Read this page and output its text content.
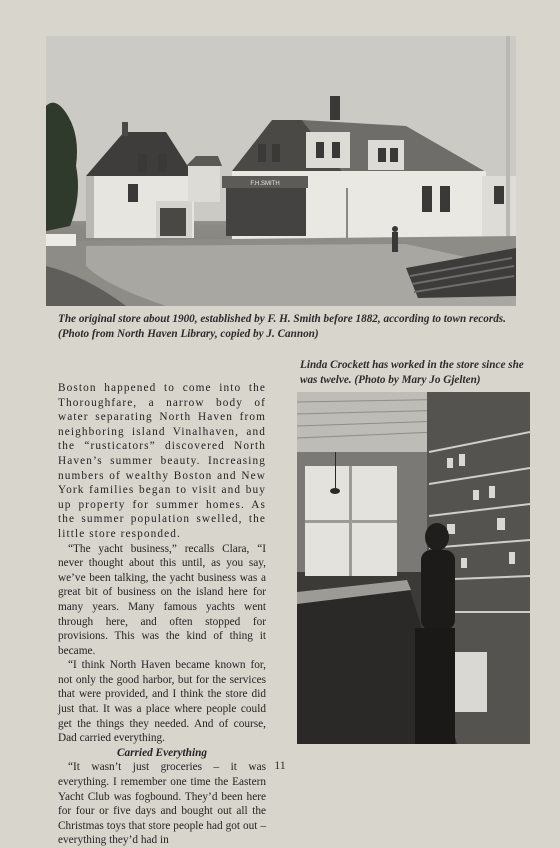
F.H.SMITH
The original store about 1900, established by F. H. Smith before 1882, according to town records. (Photo from North Haven Library, copied by J. Cannon)
Linda Crockett has worked in the store since she was twelve. (Photo by Mary Jo Gjelten)

Boston happened to come into the Thoroughfare, a narrow body of water separating North Haven from neighboring island Vinalhaven, and the “rusticators” discovered North Haven’s summer beauty. Increasing numbers of wealthy Boston and New York families began to visit and buy up property for summer homes. As the summer population swelled, the little store responded.

“The yacht business,” recalls Clara, “I never thought about this until, as you say, we’ve been talking, the yacht business was a great bit of business on the island here for many years. Many famous yachts went through here, and often stopped for provisions. This was the kind of thing it became.

“I think North Haven became known for, not only the good harbor, but for the services that were provided, and I think the store did just that. It was a place where people could get the things they needed. And of course, Dad carried everything.

Carried Everything

“It wasn’t just groceries – it was everything. I remember one time the Eastern Yacht Club was fogbound. They’d been here for four or five days and bought out all the Christmas toys that store people had got out – everything they’d had in

11
